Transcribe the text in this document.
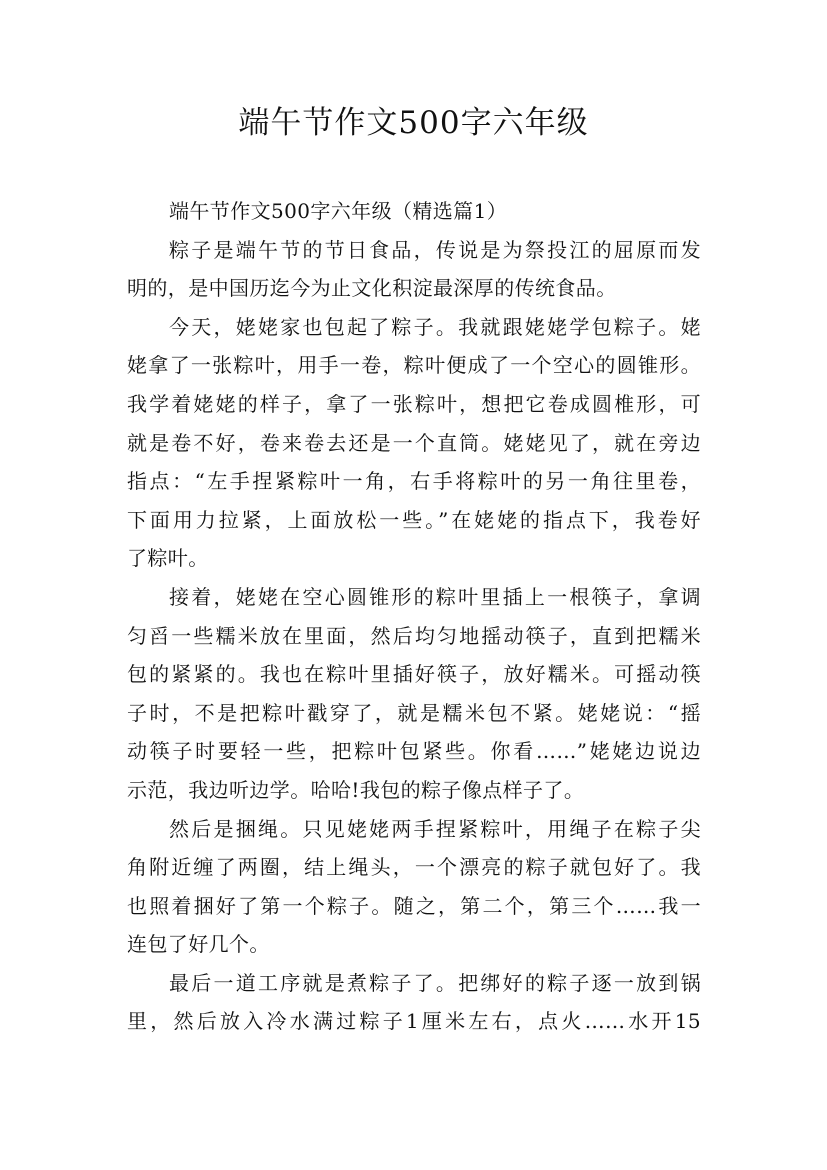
端午节作文500字六年级
端午节作文500字六年级（精选篇1）
粽子是端午节的节日食品，传说是为祭投江的屈原而发
明的，是中国历迄今为止文化积淀最深厚的传统食品。
今天，姥姥家也包起了粽子。我就跟姥姥学包粽子。姥
姥拿了一张粽叶，用手一卷，粽叶便成了一个空心的圆锥形。
我学着姥姥的样子，拿了一张粽叶，想把它卷成圆椎形，可
就是卷不好，卷来卷去还是一个直筒。姥姥见了，就在旁边
指点：“左手捏紧粽叶一角，右手将粽叶的另一角往里卷，
下面用力拉紧，上面放松一些。”在姥姥的指点下，我卷好
了粽叶。
接着，姥姥在空心圆锥形的粽叶里插上一根筷子，拿调
匀舀一些糯米放在里面，然后均匀地摇动筷子，直到把糯米
包的紧紧的。我也在粽叶里插好筷子，放好糯米。可摇动筷
子时，不是把粽叶戳穿了，就是糯米包不紧。姥姥说：“摇
动筷子时要轻一些，把粽叶包紧些。你看……”姥姥边说边
示范，我边听边学。哈哈!我包的粽子像点样子了。
然后是捆绳。只见姥姥两手捏紧粽叶，用绳子在粽子尖
角附近缠了两圈，结上绳头，一个漂亮的粽子就包好了。我
也照着捆好了第一个粽子。随之，第二个，第三个……我一
连包了好几个。
最后一道工序就是煮粽子了。把绑好的粽子逐一放到锅
里，然后放入冷水满过粽子1厘米左右，点火……水开15
